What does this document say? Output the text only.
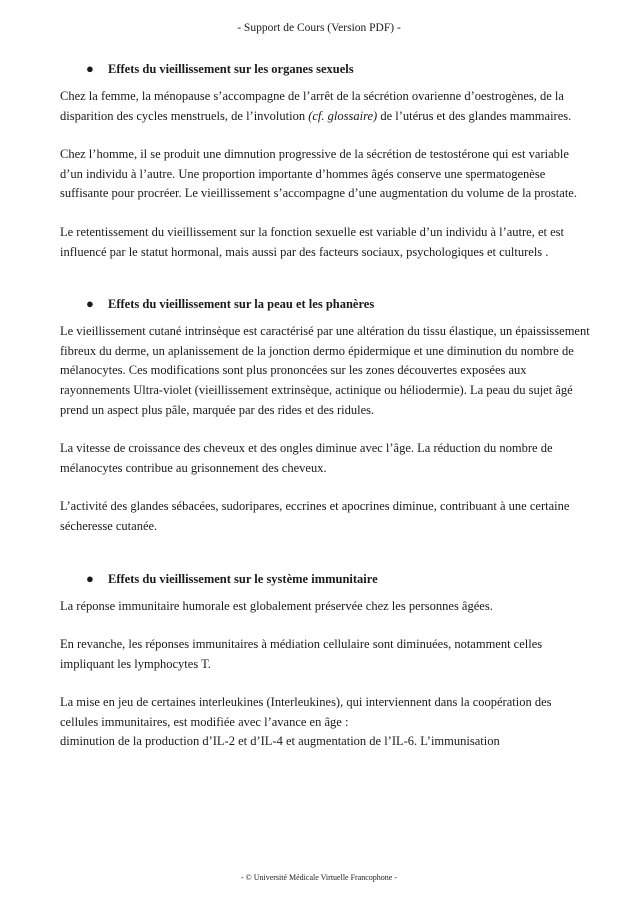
- Support de Cours (Version PDF) -
● Effets du vieillissement sur les organes sexuels

Chez la femme, la ménopause s’accompagne de l’arrêt de la sécrétion ovarienne d’oestrogènes, de la disparition des cycles menstruels, de l’involution (cf. glossaire) de l’utérus et des glandes mammaires.

Chez l’homme, il se produit une dimnution progressive de la sécrétion de testostérone qui est variable d’un individu à l’autre. Une proportion importante d’hommes âgés conserve une spermatogenèse suffisante pour procréer. Le vieillissement s’accompagne d’une augmentation du volume de la prostate.

Le retentissement du vieillissement sur la fonction sexuelle est variable d’un individu à l’autre, et est influencé par le statut hormonal, mais aussi par des facteurs sociaux, psychologiques et culturels .

● Effets du vieillissement sur la peau et les phanères

Le vieillissement cutané intrinsèque est caractérisé par une altération du tissu élastique, un épaississement fibreux du derme, un aplanissement de la jonction dermo épidermique et une diminution du nombre de mélanocytes. Ces modifications sont plus prononcées sur les zones découvertes exposées aux rayonnements Ultra-violet (vieillissement extrinsèque, actinique ou héliodermie). La peau du sujet âgé prend un aspect plus pâle, marquée par des rides et des ridules.

La vitesse de croissance des cheveux et des ongles diminue avec l’âge. La réduction du nombre de mélanocytes contribue au grisonnement des cheveux.

L’activité des glandes sébacées, sudoripares, eccrines et apocrines diminue, contribuant à une certaine sécheresse cutanée.

● Effets du vieillissement sur le système immunitaire

La réponse immunitaire humorale est globalement préservée chez les personnes âgées.

En revanche, les réponses immunitaires à médiation cellulaire sont diminuées, notamment celles impliquant les lymphocytes T.

La mise en jeu de certaines interleukines (Interleukines), qui interviennent dans la coopération des cellules immunitaires, est modifiée avec l’avance en âge :

diminution de la production d’IL-2 et d’IL-4 et augmentation de l’IL-6. L’immunisation

- © Université Médicale Virtuelle Francophone -
